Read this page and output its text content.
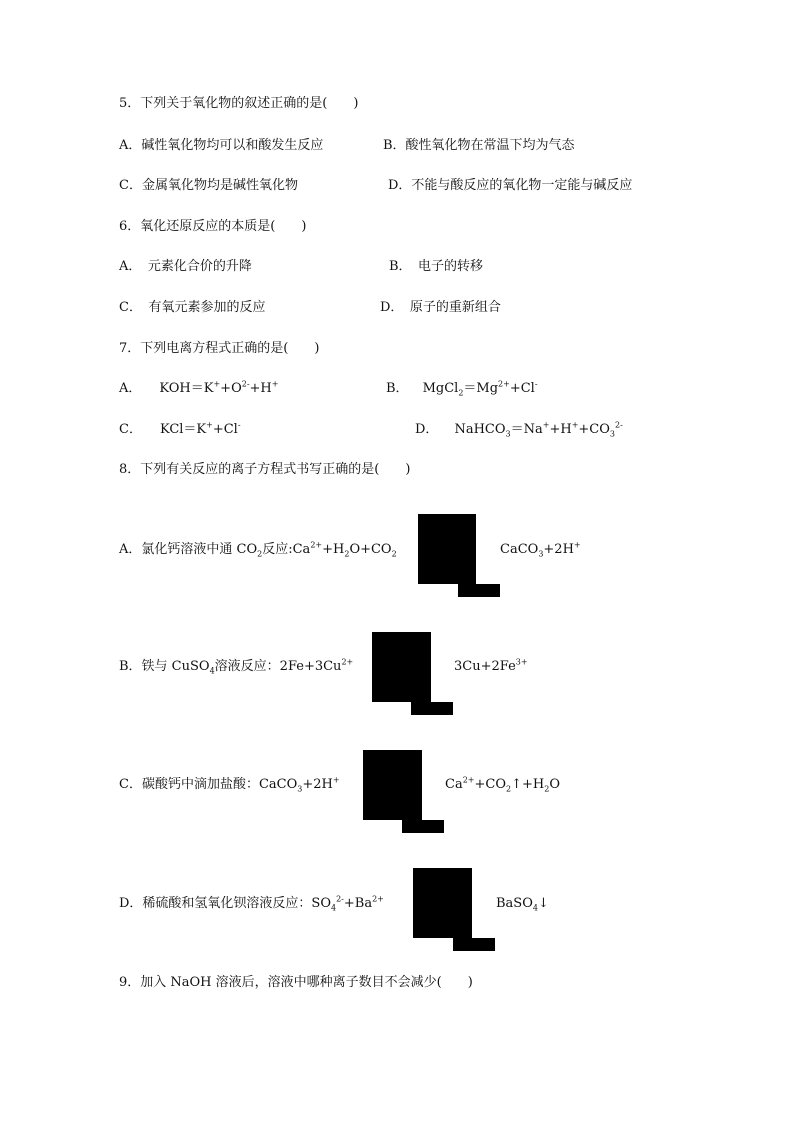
5．下列关于氧化物的叙述正确的是(　　)
A．碱性氧化物均可以和酸发生反应	B．酸性氧化物在常温下均为气态
C．金属氧化物均是碱性氧化物	D．不能与酸反应的氧化物一定能与碱反应
6．氧化还原反应的本质是(　　)
A．　元素化合价的升降	B．　电子的转移
C．　有氧元素参加的反应	D．　原子的重新组合
7．下列电离方程式正确的是(　　)
A． $KOH=K^++O^{2-}+H^+$	B． $MgCl_2=Mg^{2+}+Cl^-$
C． KCl＝K++Cl-	D． $NaHCO_3=Na^++H^++CO_3^{2-}$
8．下列有关反应的离子方程式书写正确的是(　　)
A．氯化钙溶液中通 $CO_2$反应$:Ca^{2+}+H_2O+CO_2$	CaCO$_3$+2H+
B．铁与 CuSO$_4$溶液反应：$2Fe+3Cu^{2+}$	$3Cu+2Fe^{3+}$
C．碳酸钙中滴加盐酸：CaCO$_3$+2H+	$Ca^{2+}+CO_2↑+H_2O$
D．稀硫酸和氢氧化钡溶液反应：$SO_4^{2-}+Ba^{2+}$	BaSO$_4$↓
9．加入 NaOH 溶液后，溶液中哪种离子数目不会减少(　　)
